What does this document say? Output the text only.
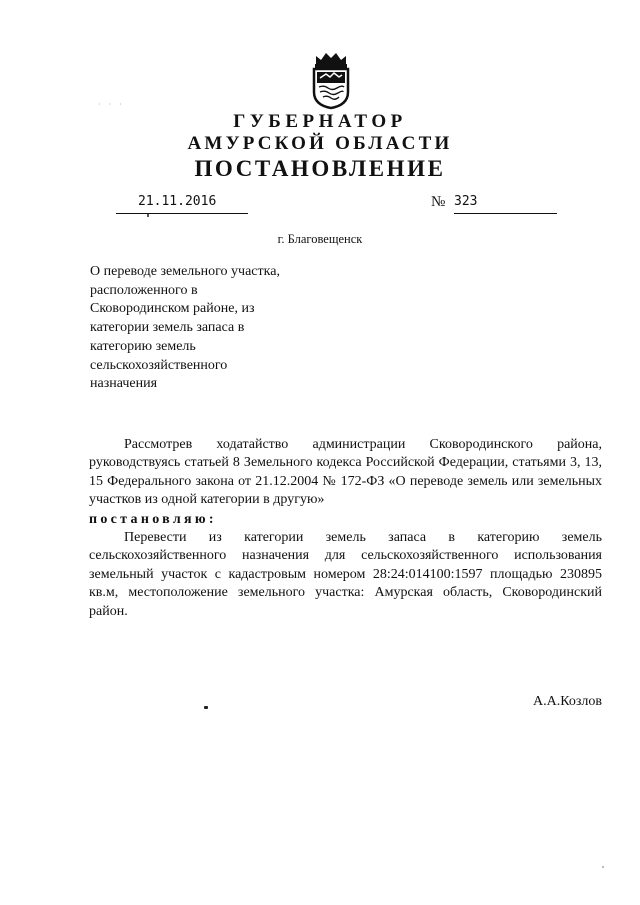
· · ·
ГУБЕРНАТОР
АМУРСКОЙ ОБЛАСТИ
ПОСТАНОВЛЕНИЕ
21.11.2016	№ 323
г. Благовещенск
О переводе земельного участка,
расположенного в
Сковородинском районе, из
категории земель запаса в
категорию земель
сельскохозяйственного
назначения

Рассмотрев ходатайство администрации Сковородинского района, руководствуясь статьей 8 Земельного кодекса Российской Федерации, статьями 3, 13, 15 Федерального закона от 21.12.2004 № 172-ФЗ «О переводе земель или земельных участков из одной категории в другую»

постановляю:

Перевести из категории земель запаса в категорию земель сельскохозяйственного назначения для сельскохозяйственного использования земельный участок с кадастровым номером 28:24:014100:1597 площадью 230895 кв.м, местоположение земельного участка: Амурская область, Сковородинский район.

А.А.Козлов
